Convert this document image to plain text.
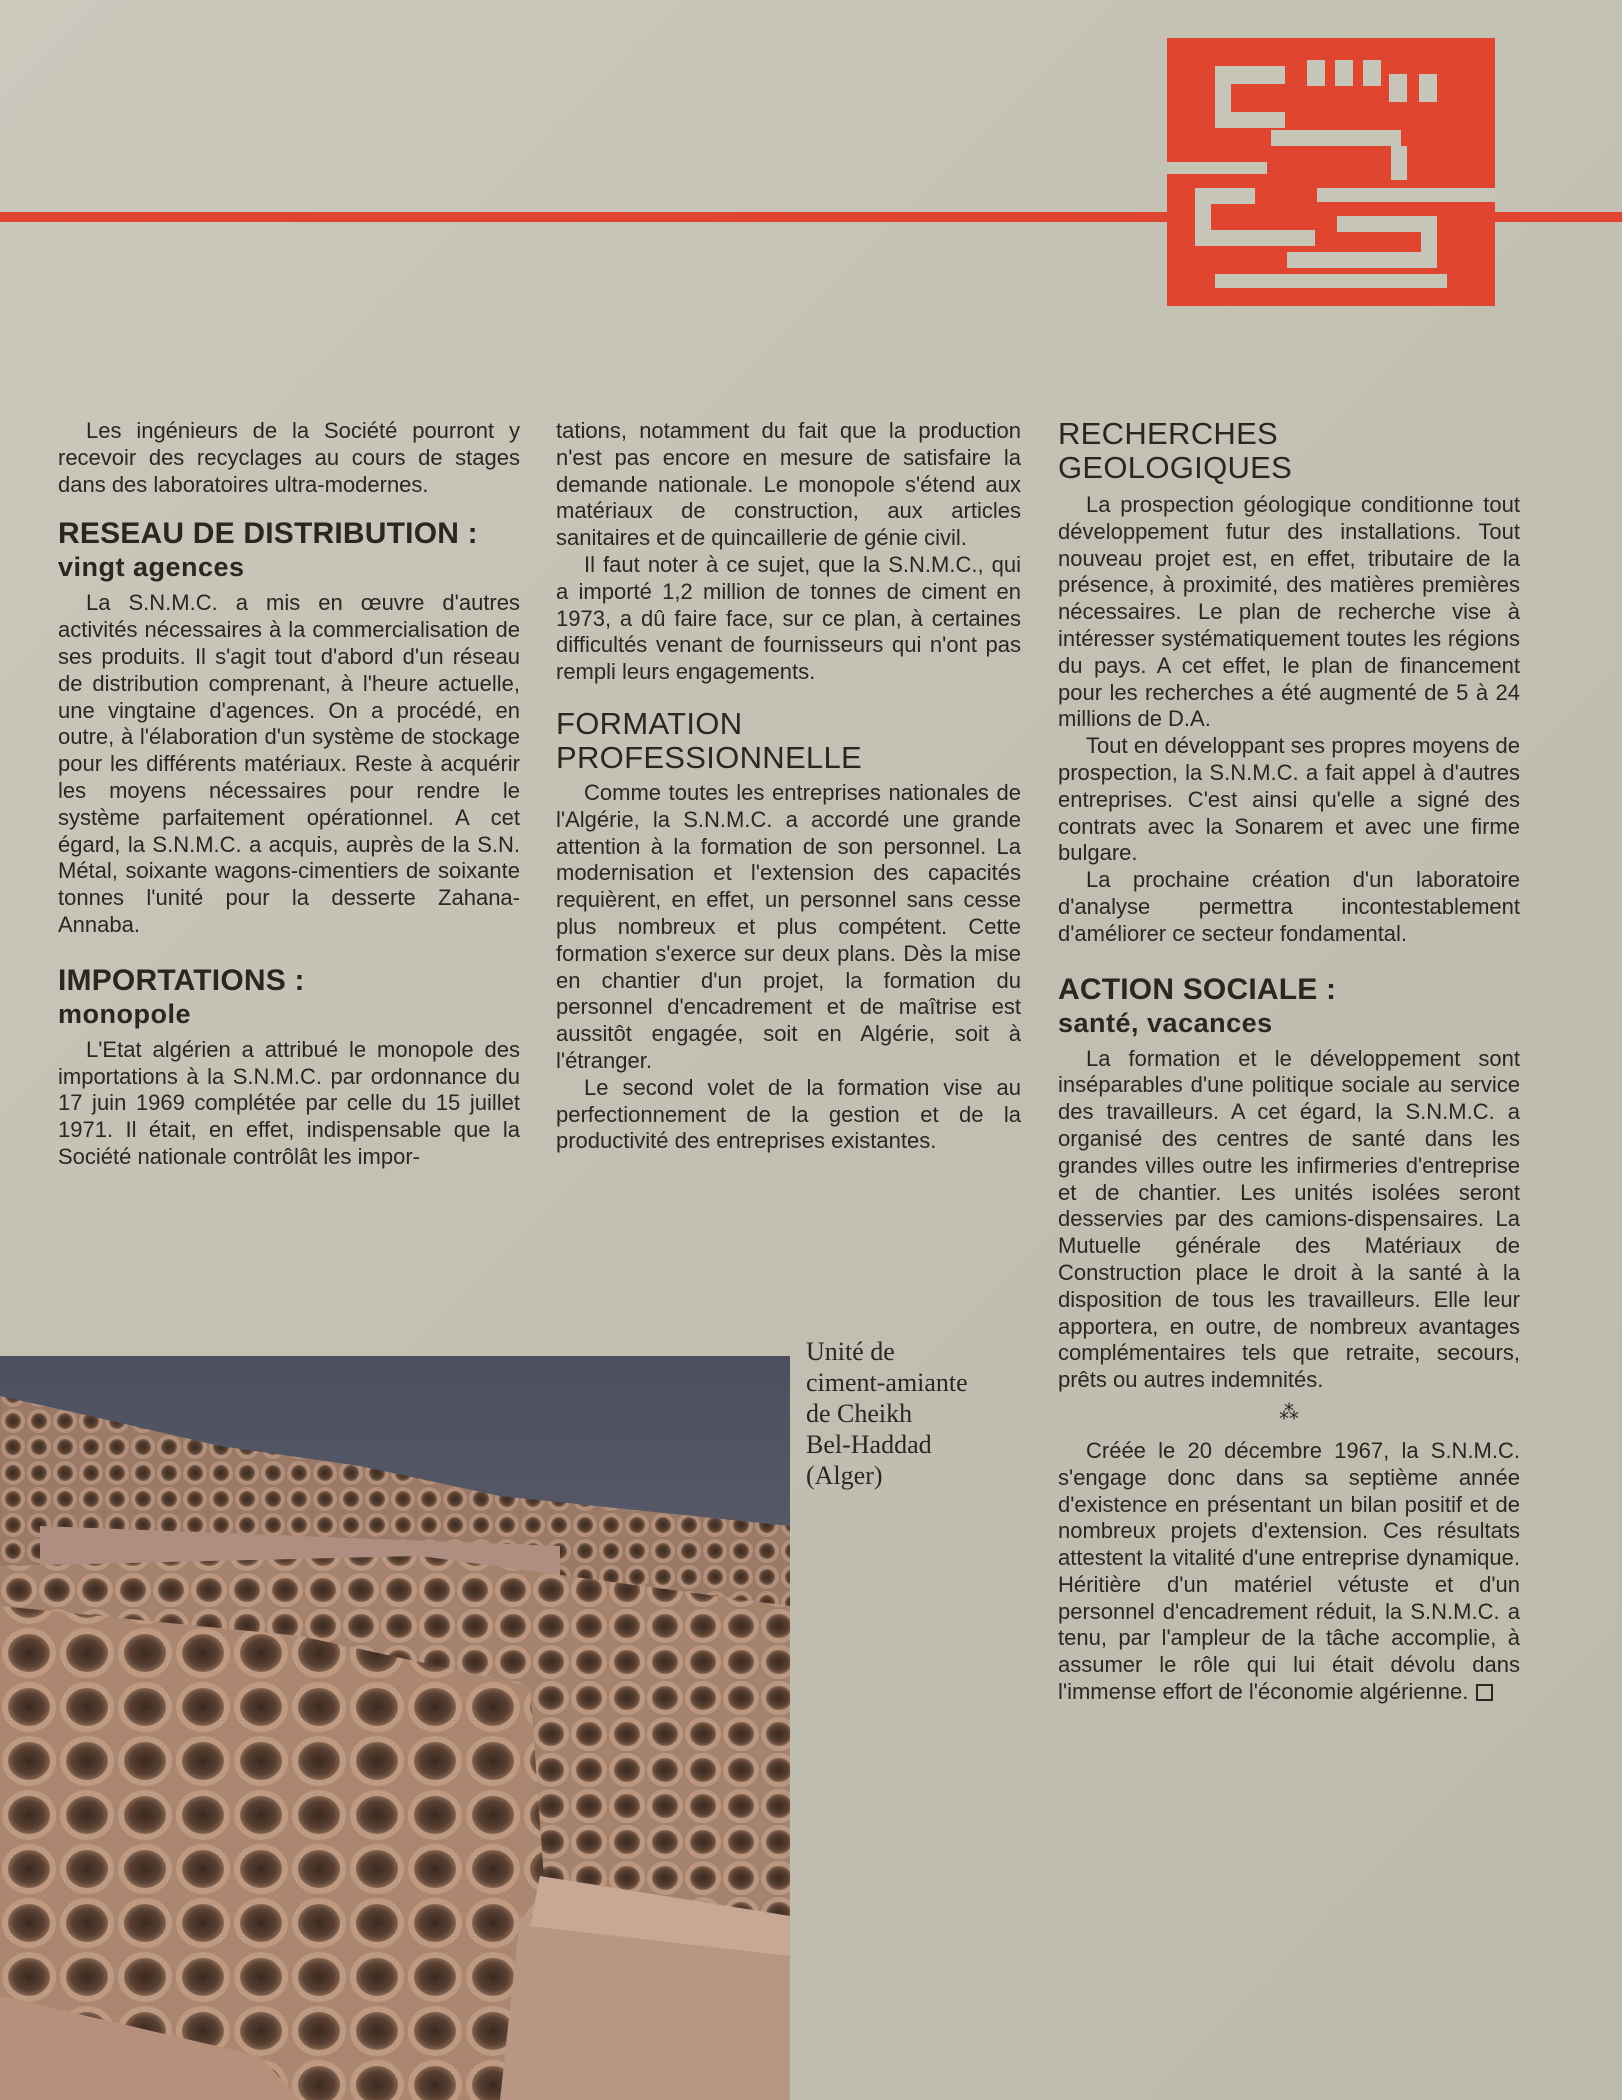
Les ingénieurs de la Société pourront y recevoir des recyclages au cours de stages dans des laboratoires ultra-modernes.

RESEAU DE DISTRIBUTION :
vingt agences

La S.N.M.C. a mis en œuvre d'autres activités nécessaires à la commercialisation de ses produits. Il s'agit tout d'abord d'un réseau de distribution comprenant, à l'heure actuelle, une vingtaine d'agences. On a procédé, en outre, à l'élaboration d'un système de stockage pour les différents matériaux. Reste à acquérir les moyens nécessaires pour rendre le système parfaitement opérationnel. A cet égard, la S.N.M.C. a acquis, auprès de la S.N. Métal, soixante wagons-cimentiers de soixante tonnes l'unité pour la desserte Zahana-Annaba.

IMPORTATIONS :
monopole

L'Etat algérien a attribué le monopole des importations à la S.N.M.C. par ordonnance du 17 juin 1969 complétée par celle du 15 juillet 1971. Il était, en effet, indispensable que la Société nationale contrôlât les impor-

tations, notamment du fait que la production n'est pas encore en mesure de satisfaire la demande nationale. Le monopole s'étend aux matériaux de construction, aux articles sanitaires et de quincaillerie de génie civil.

Il faut noter à ce sujet, que la S.N.M.C., qui a importé 1,2 million de tonnes de ciment en 1973, a dû faire face, sur ce plan, à certaines difficultés venant de fournisseurs qui n'ont pas rempli leurs engagements.

FORMATION
PROFESSIONNELLE

Comme toutes les entreprises nationales de l'Algérie, la S.N.M.C. a accordé une grande attention à la formation de son personnel. La modernisation et l'extension des capacités requièrent, en effet, un personnel sans cesse plus nombreux et plus compétent. Cette formation s'exerce sur deux plans. Dès la mise en chantier d'un projet, la formation du personnel d'encadrement et de maîtrise est aussitôt engagée, soit en Algérie, soit à l'étranger.

Le second volet de la formation vise au perfectionnement de la gestion et de la productivité des entreprises existantes.

RECHERCHES
GEOLOGIQUES

La prospection géologique conditionne tout développement futur des installations. Tout nouveau projet est, en effet, tributaire de la présence, à proximité, des matières premières nécessaires. Le plan de recherche vise à intéresser systématiquement toutes les régions du pays. A cet effet, le plan de financement pour les recherches a été augmenté de 5 à 24 millions de D.A.

Tout en développant ses propres moyens de prospection, la S.N.M.C. a fait appel à d'autres entreprises. C'est ainsi qu'elle a signé des contrats avec la Sonarem et avec une firme bulgare.

La prochaine création d'un laboratoire d'analyse permettra incontestablement d'améliorer ce secteur fondamental.

ACTION SOCIALE :
santé, vacances

La formation et le développement sont inséparables d'une politique sociale au service des travailleurs. A cet égard, la S.N.M.C. a organisé des centres de santé dans les grandes villes outre les infirmeries d'entreprise et de chantier. Les unités isolées seront desservies par des camions-dispensaires. La Mutuelle générale des Matériaux de Construction place le droit à la santé à la disposition de tous les travailleurs. Elle leur apportera, en outre, de nombreux avantages complémentaires tels que retraite, secours, prêts ou autres indemnités.

⁂

Créée le 20 décembre 1967, la S.N.M.C. s'engage donc dans sa septième année d'existence en présentant un bilan positif et de nombreux projets d'extension. Ces résultats attestent la vitalité d'une entreprise dynamique. Héritière d'un matériel vétuste et d'un personnel d'encadrement réduit, la S.N.M.C. a tenu, par l'ampleur de la tâche accomplie, à assumer le rôle qui lui était dévolu dans l'immense effort de l'économie algérienne.

Unité de
ciment-amiante
de Cheikh
Bel-Haddad
(Alger)
